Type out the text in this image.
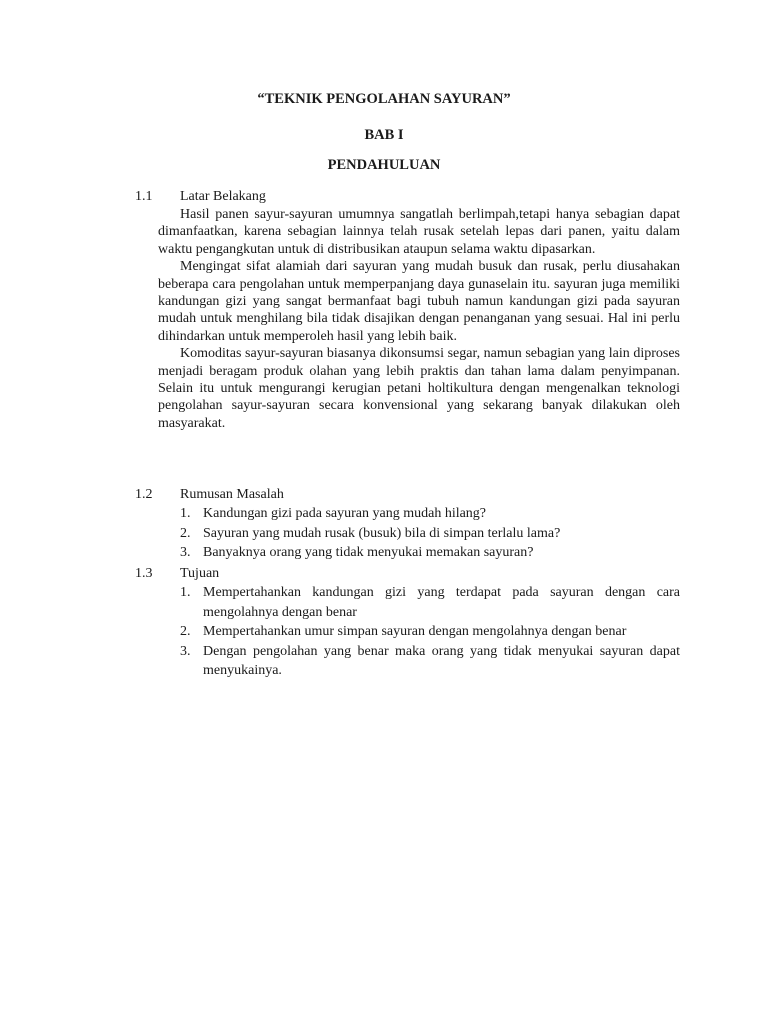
“TEKNIK PENGOLAHAN SAYURAN”
BAB I
PENDAHULUAN
1.1	Latar Belakang

Hasil panen sayur-sayuran umumnya sangatlah berlimpah,tetapi hanya sebagian dapat dimanfaatkan, karena sebagian lainnya telah rusak setelah lepas dari panen, yaitu dalam waktu pengangkutan untuk di distribusikan ataupun selama waktu dipasarkan.

Mengingat sifat alamiah dari sayuran yang mudah busuk dan rusak, perlu diusahakan beberapa cara pengolahan untuk memperpanjang daya gunaselain itu. sayuran juga memiliki kandungan gizi yang sangat bermanfaat bagi tubuh namun kandungan gizi pada sayuran mudah untuk menghilang bila tidak disajikan dengan penanganan yang sesuai. Hal ini perlu dihindarkan untuk memperoleh hasil yang lebih baik.

Komoditas sayur-sayuran biasanya dikonsumsi segar, namun sebagian yang lain diproses menjadi beragam produk olahan yang lebih praktis dan tahan lama dalam penyimpanan. Selain itu untuk mengurangi kerugian petani holtikultura dengan mengenalkan teknologi pengolahan sayur-sayuran secara konvensional yang sekarang banyak dilakukan oleh masyarakat.

1.2	Rumusan Masalah
1. Kandungan gizi pada sayuran yang mudah hilang?
2. Sayuran yang mudah rusak (busuk) bila di simpan terlalu lama?
3. Banyaknya orang yang tidak menyukai memakan sayuran?
1.3	Tujuan
1. Mempertahankan kandungan gizi yang terdapat pada sayuran dengan cara mengolahnya dengan benar
2. Mempertahankan umur simpan sayuran dengan mengolahnya dengan benar
3. Dengan pengolahan yang benar maka orang yang tidak menyukai sayuran dapat menyukainya.
